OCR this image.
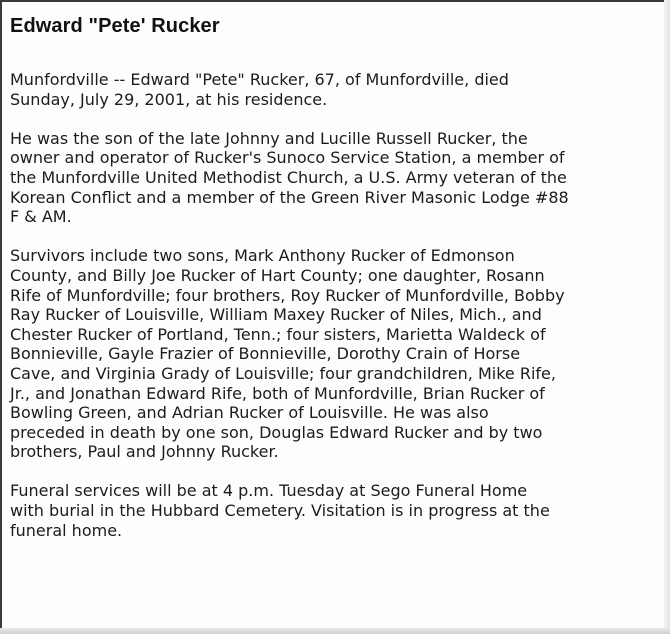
Edward "Pete' Rucker

Munfordville -- Edward "Pete" Rucker, 67, of Munfordville, died
Sunday, July 29, 2001, at his residence.

He was the son of the late Johnny and Lucille Russell Rucker, the
owner and operator of Rucker's Sunoco Service Station, a member of
the Munfordville United Methodist Church, a U.S. Army veteran of the
Korean Conflict and a member of the Green River Masonic Lodge #88
F & AM.

Survivors include two sons, Mark Anthony Rucker of Edmonson
County, and Billy Joe Rucker of Hart County; one daughter, Rosann
Rife of Munfordville; four brothers, Roy Rucker of Munfordville, Bobby
Ray Rucker of Louisville, William Maxey Rucker of Niles, Mich., and
Chester Rucker of Portland, Tenn.; four sisters, Marietta Waldeck of
Bonnieville, Gayle Frazier of Bonnieville, Dorothy Crain of Horse
Cave, and Virginia Grady of Louisville; four grandchildren, Mike Rife,
Jr., and Jonathan Edward Rife, both of Munfordville, Brian Rucker of
Bowling Green, and Adrian Rucker of Louisville. He was also
preceded in death by one son, Douglas Edward Rucker and by two
brothers, Paul and Johnny Rucker.

Funeral services will be at 4 p.m. Tuesday at Sego Funeral Home
with burial in the Hubbard Cemetery. Visitation is in progress at the
funeral home.
